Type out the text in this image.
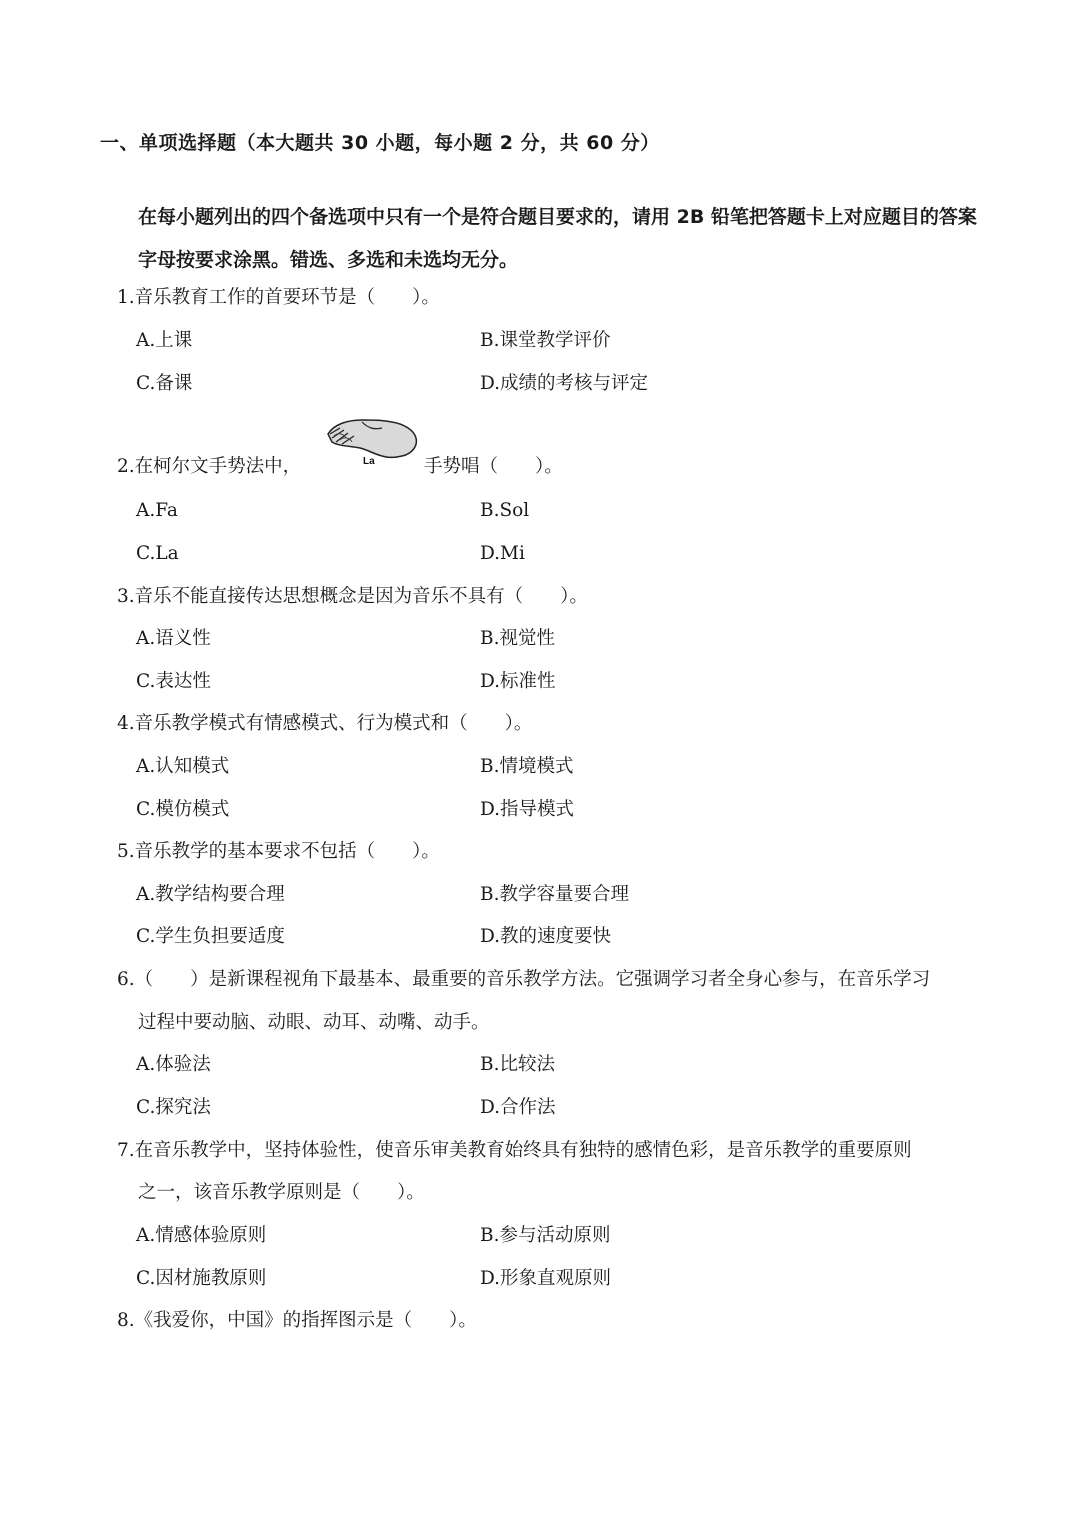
一、单项选择题（本大题共 30 小题，每小题 2 分，共 60 分）
在每小题列出的四个备选项中只有一个是符合题目要求的，请用 2B 铅笔把答题卡上对应题目的答案字母按要求涂黑。错选、多选和未选均无分。
1.音乐教育工作的首要环节是（　　）。
A.上课	B.课堂教学评价
C.备课	D.成绩的考核与评定
2.在柯尔文手势法中，	La	手势唱（　　）。
A.Fa	B.Sol
C.La	D.Mi
3.音乐不能直接传达思想概念是因为音乐不具有（　　）。
A.语义性	B.视觉性
C.表达性	D.标准性
4.音乐教学模式有情感模式、行为模式和（　　）。
A.认知模式	B.情境模式
C.模仿模式	D.指导模式
5.音乐教学的基本要求不包括（　　）。
A.教学结构要合理	B.教学容量要合理
C.学生负担要适度	D.教的速度要快
6.（　　）是新课程视角下最基本、最重要的音乐教学方法。它强调学习者全身心参与，在音乐学习
过程中要动脑、动眼、动耳、动嘴、动手。
A.体验法	B.比较法
C.探究法	D.合作法
7.在音乐教学中，坚持体验性，使音乐审美教育始终具有独特的感情色彩，是音乐教学的重要原则
之一，该音乐教学原则是（　　）。
A.情感体验原则	B.参与活动原则
C.因材施教原则	D.形象直观原则
8.《我爱你，中国》的指挥图示是（　　）。
